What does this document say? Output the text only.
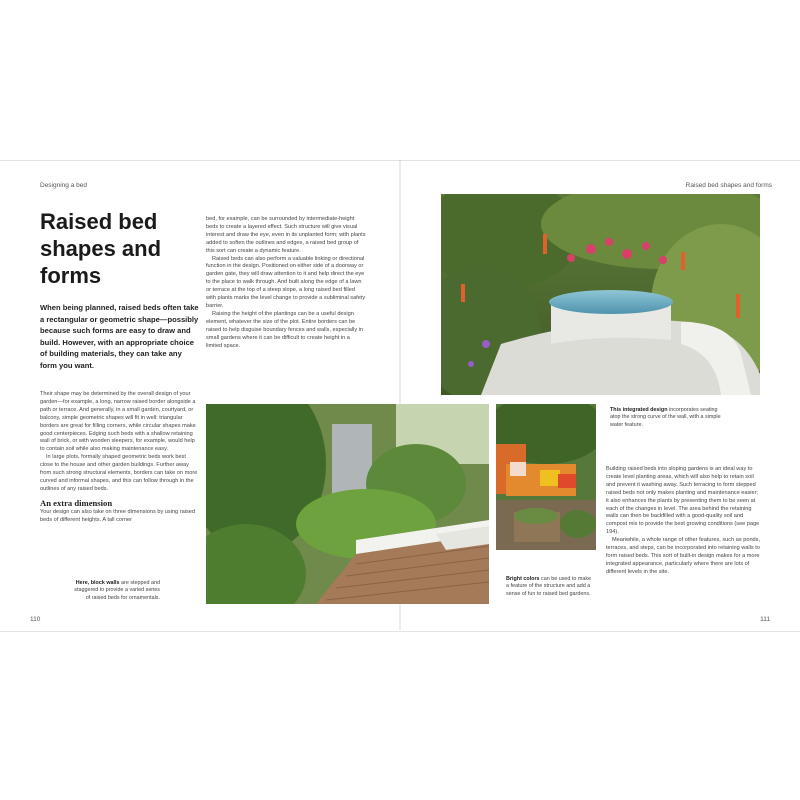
Designing a bed	Raised bed shapes and forms
Raised bed shapes and forms

When being planned, raised beds often take a rectangular or geometric shape—possibly because such forms are easy to draw and build. However, with an appropriate choice of building materials, they can take any form you want.

Their shape may be determined by the overall design of your garden—for example, a long, narrow raised border alongside a path or terrace. And generally, in a small garden, courtyard, or balcony, simple geometric shapes will fit in well: triangular borders are great for filling corners, while circular shapes make good centerpieces. Edging such beds with a shallow retaining wall of brick, or with wooden sleepers, for example, would help to contain soil while also making maintenance easy.

In large plots, formally shaped geometric beds work best close to the house and other garden buildings. Further away from such strong structural elements, borders can take on more curved and informal shapes, and this can follow through in the outlines of any raised beds.

An extra dimension

Your design can also take on three dimensions by using raised beds of different heights. A tall corner

bed, for example, can be surrounded by intermediate-height beds to create a layered effect. Such structure will give visual interest and draw the eye, even in its unplanted form; with plants added to soften the outlines and edges, a raised bed group of this sort can create a dynamic feature.

Raised beds can also perform a valuable linking or directional function in the design. Positioned on either side of a doorway or garden gate, they will draw attention to it and help direct the eye to the place to walk through. And built along the edge of a lawn or terrace at the top of a steep slope, a long raised bed filled with plants marks the level change to provide a subliminal safety barrier.

Raising the height of the plantings can be a useful design element, whatever the size of the plot. Entire borders can be raised to help disguise boundary fences and walls, especially in small gardens where it can be difficult to create height in a limited space.

Building raised beds into sloping gardens is an ideal way to create level planting areas, which will also help to retain soil and prevent it washing away. Such terracing to form stepped raised beds not only makes planting and maintenance easier; it also enhances the plants by presenting them to be seen at each of the changes in level. The area behind the retaining walls can then be backfilled with a good-quality soil and compost mix to provide the best growing conditions (see page 194).

Meanwhile, a whole range of other features, such as ponds, terraces, and steps, can be incorporated into retaining walls to form raised beds. This sort of built-in design makes for a more integrated appearance, particularly where there are lots of different levels in the site.

Here, block walls are stepped and staggered to provide a varied series of raised beds for ornamentals.

Bright colors can be used to make a feature of the structure and add a sense of fun to raised bed gardens.

This integrated design incorporates seating atop the strong curve of the wall, with a simple water feature.

110	111
